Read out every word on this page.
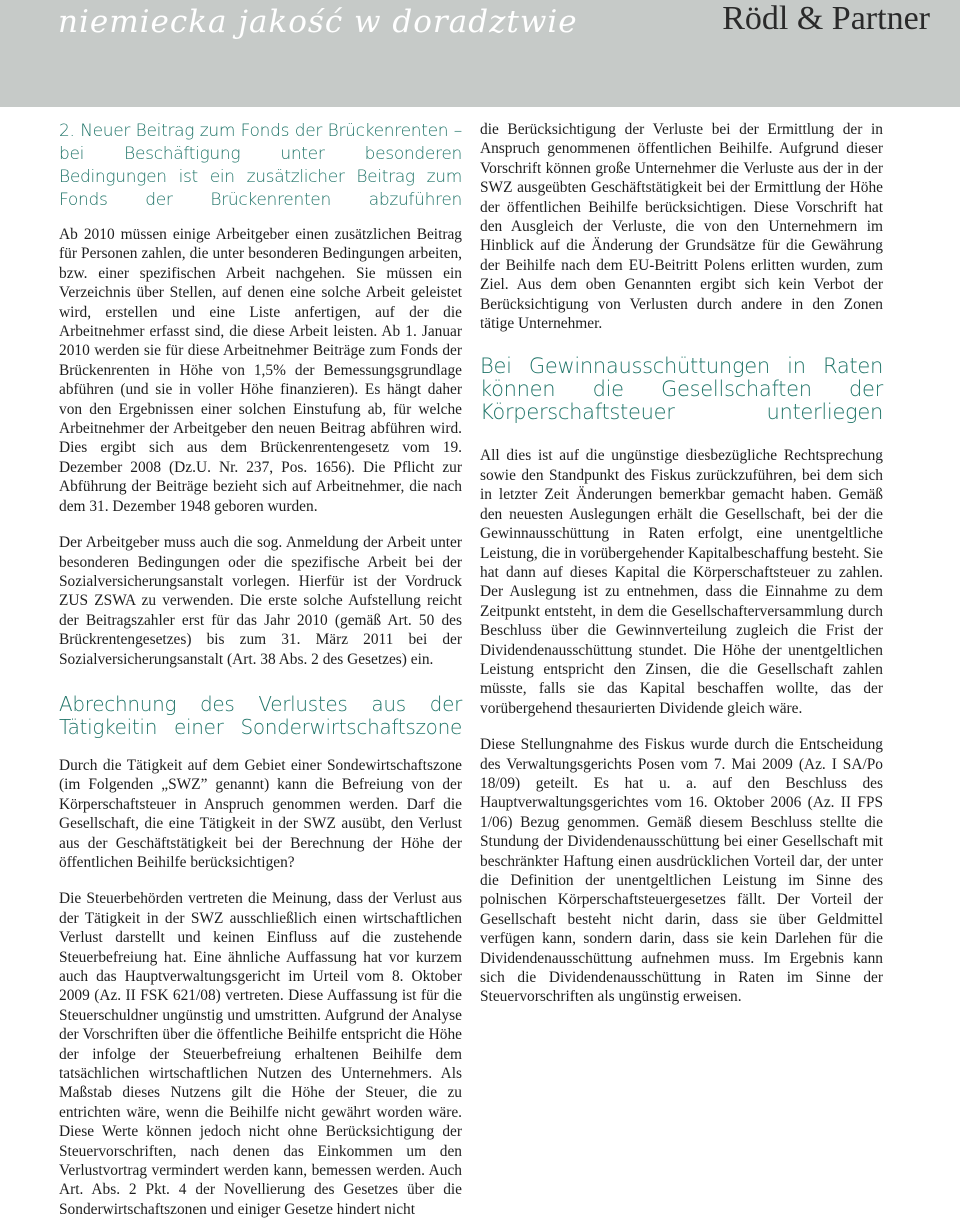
niemiecka jakość w doradztwie	Rödl & Partner
2. Neuer Beitrag zum Fonds der Brückenrenten – bei Beschäftigung unter besonderen Bedingungen ist ein zusätzlicher Beitrag zum Fonds der Brückenrenten abzuführen

Ab 2010 müssen einige Arbeitgeber einen zusätzlichen Beitrag für Personen zahlen, die unter besonderen Bedingungen arbeiten, bzw. einer spezifischen Arbeit nachgehen. Sie müssen ein Verzeichnis über Stellen, auf denen eine solche Arbeit geleistet wird, erstellen und eine Liste anfertigen, auf der die Arbeitnehmer erfasst sind, die diese Arbeit leisten. Ab 1. Januar 2010 werden sie für diese Arbeitnehmer Beiträge zum Fonds der Brückenrenten in Höhe von 1,5% der Bemessungsgrundlage abführen (und sie in voller Höhe finanzieren). Es hängt daher von den Ergebnissen einer solchen Einstufung ab, für welche Arbeitnehmer der Arbeitgeber den neuen Beitrag abführen wird. Dies ergibt sich aus dem Brückenrentengesetz vom 19. Dezember 2008 (Dz.U. Nr. 237, Pos. 1656). Die Pflicht zur Abführung der Beiträge bezieht sich auf Arbeitnehmer, die nach dem 31. Dezember 1948 geboren wurden.

Der Arbeitgeber muss auch die sog. Anmeldung der Arbeit unter besonderen Bedingungen oder die spezifische Arbeit bei der Sozialversicherungsanstalt vorlegen. Hierfür ist der Vordruck ZUS ZSWA zu verwenden. Die erste solche Aufstellung reicht der Beitragszahler erst für das Jahr 2010 (gemäß Art. 50 des Brückrentengesetzes) bis zum 31. März 2011 bei der Sozialversicherungsanstalt (Art. 38 Abs. 2 des Gesetzes) ein.

Abrechnung des Verlustes aus der Tätigkeitin einer Sonderwirtschaftszone

Durch die Tätigkeit auf dem Gebiet einer Sondewirtschaftszone (im Folgenden „SWZ” genannt) kann die Befreiung von der Körperschaftsteuer in Anspruch genommen werden. Darf die Gesellschaft, die eine Tätigkeit in der SWZ ausübt, den Verlust aus der Geschäftstätigkeit bei der Berechnung der Höhe der öffentlichen Beihilfe berücksichtigen?

Die Steuerbehörden vertreten die Meinung, dass der Verlust aus der Tätigkeit in der SWZ ausschließlich einen wirtschaftlichen Verlust darstellt und keinen Einfluss auf die zustehende Steuerbefreiung hat. Eine ähnliche Auffassung hat vor kurzem auch das Hauptverwaltungsgericht im Urteil vom 8. Oktober 2009 (Az. II FSK 621/08) vertreten. Diese Auffassung ist für die Steuerschuldner ungünstig und umstritten. Aufgrund der Analyse der Vorschriften über die öffentliche Beihilfe entspricht die Höhe der infolge der Steuerbefreiung erhaltenen Beihilfe dem tatsächlichen wirtschaftlichen Nutzen des Unternehmers. Als Maßstab dieses Nutzens gilt die Höhe der Steuer, die zu entrichten wäre, wenn die Beihilfe nicht gewährt worden wäre. Diese Werte können jedoch nicht ohne Berücksichtigung der Steuervorschriften, nach denen das Einkommen um den Verlustvortrag vermindert werden kann, bemessen werden. Auch Art. Abs. 2 Pkt. 4 der Novellierung des Gesetzes über die Sonderwirtschaftszonen und einiger Gesetze hindert nicht

die Berücksichtigung der Verluste bei der Ermittlung der in Anspruch genommenen öffentlichen Beihilfe. Aufgrund dieser Vorschrift können große Unternehmer die Verluste aus der in der SWZ ausgeübten Geschäftstätigkeit bei der Ermittlung der Höhe der öffentlichen Beihilfe berücksichtigen. Diese Vorschrift hat den Ausgleich der Verluste, die von den Unternehmern im Hinblick auf die Änderung der Grundsätze für die Gewährung der Beihilfe nach dem EU-Beitritt Polens erlitten wurden, zum Ziel. Aus dem oben Genannten ergibt sich kein Verbot der Berücksichtigung von Verlusten durch andere in den Zonen tätige Unternehmer.

Bei Gewinnausschüttungen in Raten können die Gesellschaften der Körperschaftsteuer unterliegen

All dies ist auf die ungünstige diesbezügliche Rechtsprechung sowie den Standpunkt des Fiskus zurückzuführen, bei dem sich in letzter Zeit Änderungen bemerkbar gemacht haben. Gemäß den neuesten Auslegungen erhält die Gesellschaft, bei der die Gewinnausschüttung in Raten erfolgt, eine unentgeltliche Leistung, die in vorübergehender Kapitalbeschaffung besteht. Sie hat dann auf dieses Kapital die Körperschaftsteuer zu zahlen. Der Auslegung ist zu entnehmen, dass die Einnahme zu dem Zeitpunkt entsteht, in dem die Gesellschafterversammlung durch Beschluss über die Gewinnverteilung zugleich die Frist der Dividendenausschüttung stundet. Die Höhe der unentgeltlichen Leistung entspricht den Zinsen, die die Gesellschaft zahlen müsste, falls sie das Kapital beschaffen wollte, das der vorübergehend thesaurierten Dividende gleich wäre.

Diese Stellungnahme des Fiskus wurde durch die Entscheidung des Verwaltungsgerichts Posen vom 7. Mai 2009 (Az. I SA/Po 18/09) geteilt. Es hat u. a. auf den Beschluss des Hauptverwaltungsgerichtes vom 16. Oktober 2006 (Az. II FPS 1/06) Bezug genommen. Gemäß diesem Beschluss stellte die Stundung der Dividendenausschüttung bei einer Gesellschaft mit beschränkter Haftung einen ausdrücklichen Vorteil dar, der unter die Definition der unentgeltlichen Leistung im Sinne des polnischen Körperschaftsteuergesetzes fällt. Der Vorteil der Gesellschaft besteht nicht darin, dass sie über Geldmittel verfügen kann, sondern darin, dass sie kein Darlehen für die Dividendenausschüttung aufnehmen muss. Im Ergebnis kann sich die Dividendenausschüttung in Raten im Sinne der Steuervorschriften als ungünstig erweisen.
